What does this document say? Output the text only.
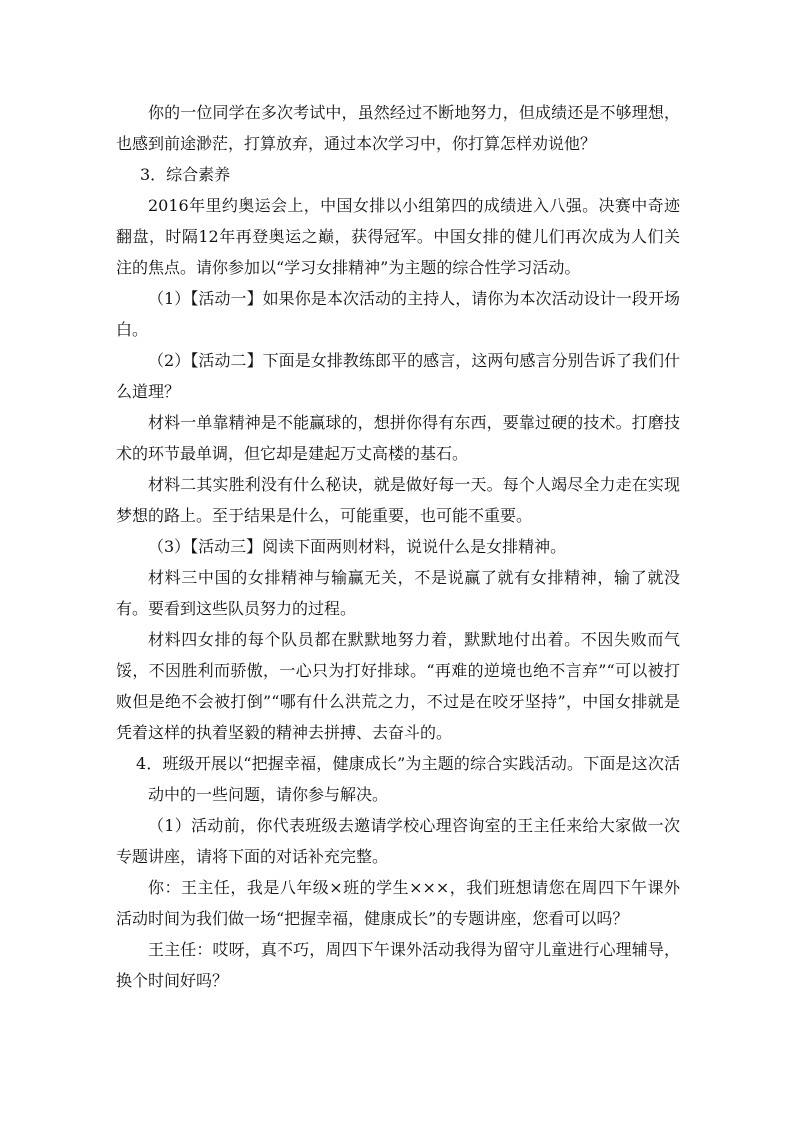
你的一位同学在多次考试中，虽然经过不断地努力，但成绩还是不够理想，也感到前途渺茫，打算放弃，通过本次学习中，你打算怎样劝说他？

3．综合素养

2016年里约奥运会上，中国女排以小组第四的成绩进入八强。决赛中奇迹翻盘，时隔12年再登奥运之巅，获得冠军。中国女排的健儿们再次成为人们关注的焦点。请你参加以“学习女排精神”为主题的综合性学习活动。

（1）【活动一】如果你是本次活动的主持人，请你为本次活动设计一段开场白。

（2）【活动二】下面是女排教练郎平的感言，这两句感言分别告诉了我们什么道理？

材料一单靠精神是不能赢球的，想拼你得有东西，要靠过硬的技术。打磨技术的环节最单调，但它却是建起万丈高楼的基石。

材料二其实胜利没有什么秘诀，就是做好每一天。每个人竭尽全力走在实现梦想的路上。至于结果是什么，可能重要，也可能不重要。

（3）【活动三】阅读下面两则材料，说说什么是女排精神。

材料三中国的女排精神与输赢无关，不是说赢了就有女排精神，输了就没有。要看到这些队员努力的过程。

材料四女排的每个队员都在默默地努力着，默默地付出着。不因失败而气馁，不因胜利而骄傲，一心只为打好排球。“再难的逆境也绝不言弃”“可以被打败但是绝不会被打倒”“哪有什么洪荒之力，不过是在咬牙坚持”，中国女排就是凭着这样的执着坚毅的精神去拼搏、去奋斗的。

4．班级开展以“把握幸福，健康成长”为主题的综合实践活动。下面是这次活动中的一些问题，请你参与解决。

（1）活动前，你代表班级去邀请学校心理咨询室的王主任来给大家做一次专题讲座，请将下面的对话补充完整。

你：王主任，我是八年级×班的学生×××，我们班想请您在周四下午课外活动时间为我们做一场“把握幸福，健康成长”的专题讲座，您看可以吗？

王主任：哎呀，真不巧，周四下午课外活动我得为留守儿童进行心理辅导，换个时间好吗？
